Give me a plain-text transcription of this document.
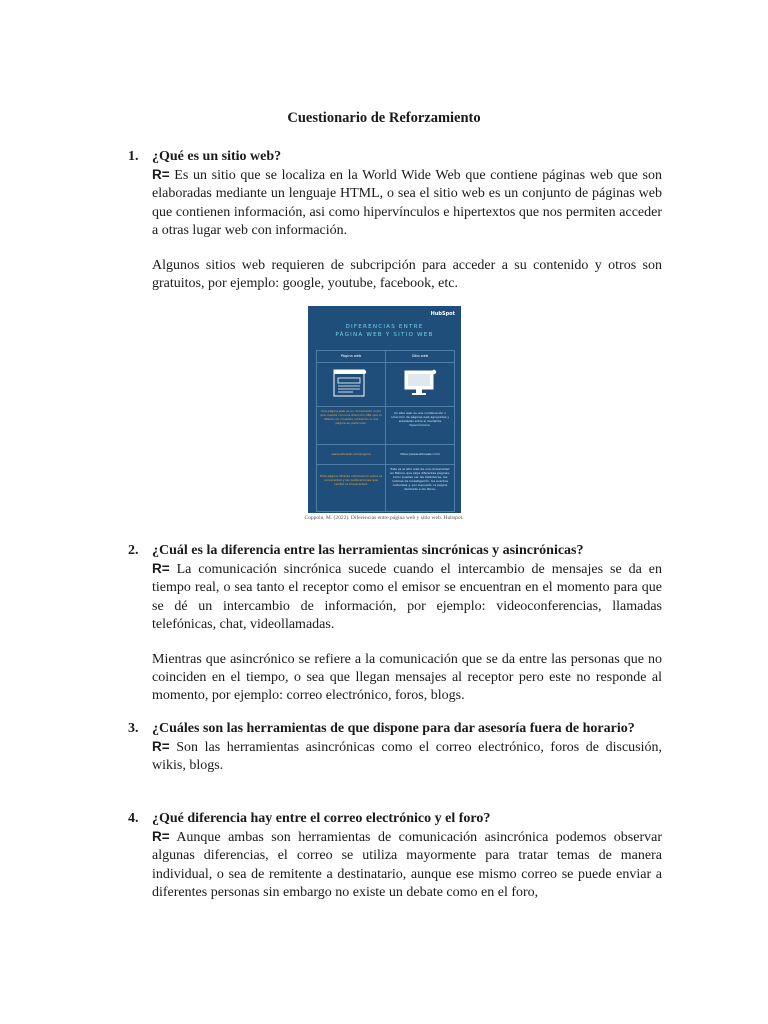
Cuestionario de Reforzamiento
1. ¿Qué es un sitio web?
R= Es un sitio que se localiza en la World Wide Web que contiene páginas web que son elaboradas mediante un lenguaje HTML, o sea el sitio web es un conjunto de páginas web que contienen información, asi como hipervínculos e hipertextos que nos permiten acceder a otras lugar web con información.
Algunos sitios web requieren de subcripción para acceder a su contenido y otros son gratuitos, por ejemplo: google, youtube, facebook, etc.
HubSpot
DIFERENCIAS ENTRE
PÁGINA WEB Y SITIO WEB
Página web	Sitio web
Una página web es un documento único que cuenta con una dirección URL que lo diferencia, muestra contenido a una página en particular.
Un sitio web es una combinación o colección de páginas web agrupadas y enlazadas entre sí mediante hipervínculos.
www.sitioweb.com/pagina	https://www.sitioweb.com/
Esta página difunde información sobre la universidad y las publicaciones que recibió la Universidad.
Este es el sitio web de una Universidad en México que aloja diferentes páginas, como pueden ser las bibliotecas, las noticias de investigación, los eventos culturales y, por supuesto, la página dedicada a los libros.
Coppola, M. (2022). Diferencias entre página web y sitio web. Hubspot.
2. ¿Cuál es la diferencia entre las herramientas sincrónicas y asincrónicas?
R= La comunicación sincrónica sucede cuando el intercambio de mensajes se da en tiempo real, o sea tanto el receptor como el emisor se encuentran en el momento para que se dé un intercambio de información, por ejemplo: videoconferencias, llamadas telefónicas, chat, videollamadas.
Mientras que asincrónico se refiere a la comunicación que se da entre las personas que no coinciden en el tiempo, o sea que llegan mensajes al receptor pero este no responde al momento, por ejemplo: correo electrónico, foros, blogs.
3. ¿Cuáles son las herramientas de que dispone para dar asesoría fuera de horario?
R= Son las herramientas asincrónicas como el correo electrónico, foros de discusión, wikis, blogs.
4. ¿Qué diferencia hay entre el correo electrónico y el foro?
R= Aunque ambas son herramientas de comunicación asincrónica podemos observar algunas diferencias, el correo se utiliza mayormente para tratar temas de manera individual, o sea de remitente a destinatario, aunque ese mismo correo se puede enviar a diferentes personas sin embargo no existe un debate como en el foro,
